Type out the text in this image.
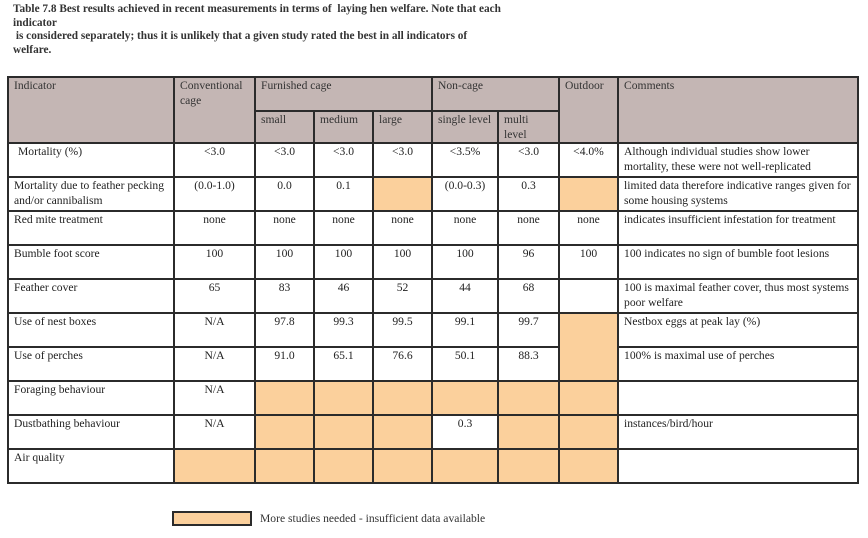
Table 7.8 Best results achieved in recent measurements in terms of  laying hen welfare. Note that each
indicator
is considered separately; thus it is unlikely that a given study rated the best in all indicators of
welfare.
Indicator	Conventional cage	Furnished cage			Non-cage		Outdoor	Comments
		small	medium	large	single level	multi level		
Mortality (%)	<3.0	<3.0	<3.0	<3.0	<3.5%	<3.0	<4.0%	Although individual studies show lower mortality, these were not well-replicated
Mortality due to feather pecking and/or cannibalism	(0.0-1.0)	0.0	0.1		(0.0-0.3)	0.3		limited data therefore indicative ranges given for some housing systems
Red mite treatment	none	none	none	none	none	none	none	indicates insufficient infestation for treatment
Bumble foot score	100	100	100	100	100	96	100	100 indicates no sign of bumble foot lesions
Feather cover	65	83	46	52	44	68		100 is maximal feather cover, thus most systems poor welfare
Use of nest boxes	N/A	97.8	99.3	99.5	99.1	99.7		Nestbox eggs at peak lay (%)
Use of perches	N/A	91.0	65.1	76.6	50.1	88.3		100% is maximal use of perches
Foraging behaviour	N/A							
Dustbathing behaviour	N/A				0.3			instances/bird/hour
Air quality								
More studies needed - insufficient data available
